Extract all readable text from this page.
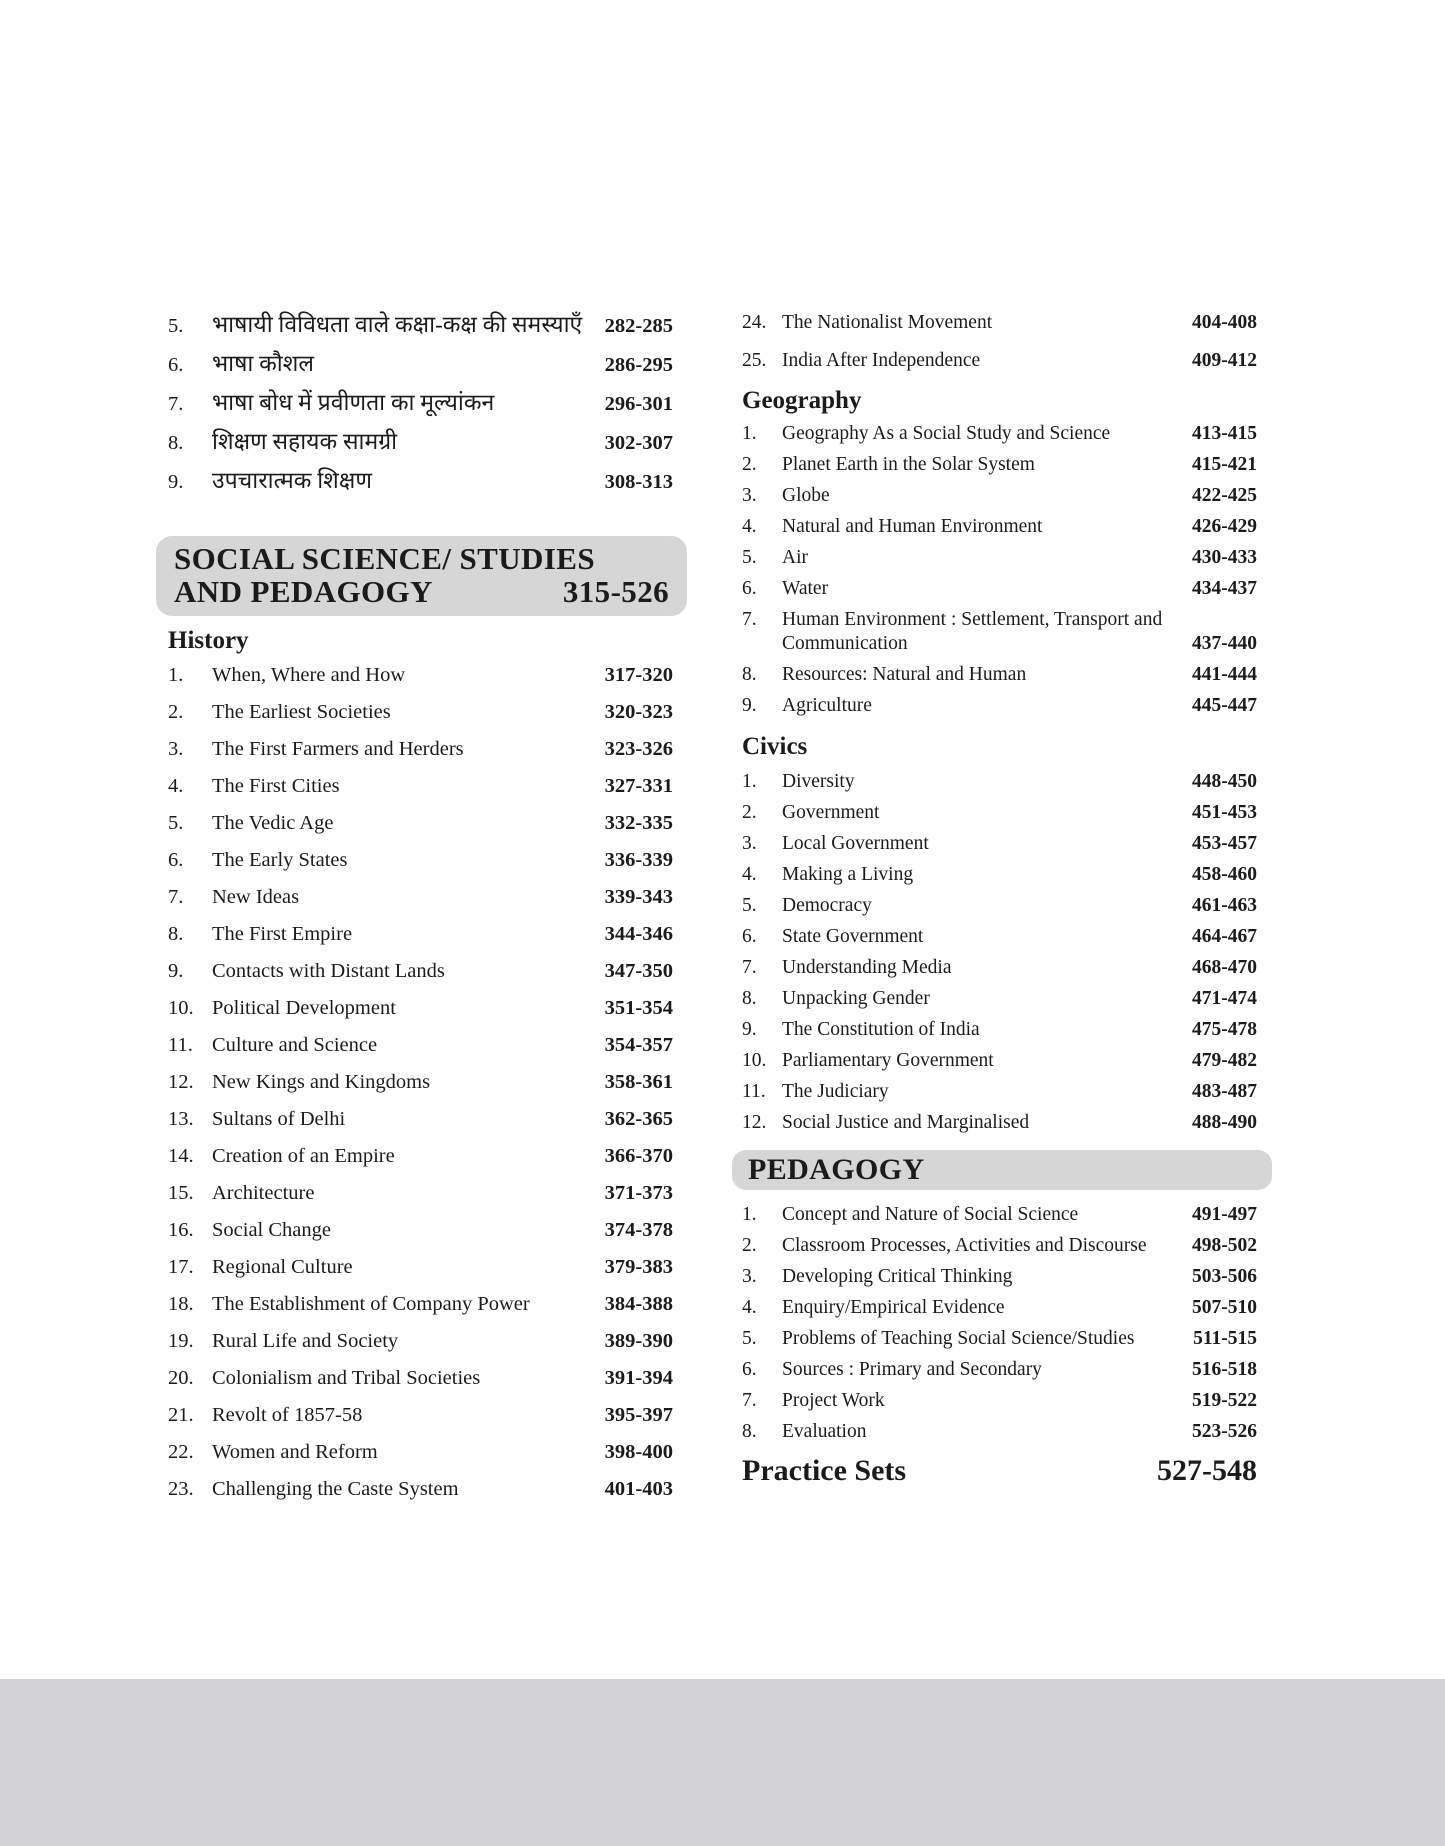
5.	भाषायी विविधता वाले कक्षा-कक्ष की समस्याएँ	282-285
6.	भाषा कौशल	286-295
7.	भाषा बोध में प्रवीणता का मूल्यांकन	296-301
8.	शिक्षण सहायक सामग्री	302-307
9.	उपचारात्मक शिक्षण	308-313
SOCIAL SCIENCE/ STUDIES
AND PEDAGOGY	315-526
History
1.	When, Where and How	317-320
2.	The Earliest Societies	320-323
3.	The First Farmers and Herders	323-326
4.	The First Cities	327-331
5.	The Vedic Age	332-335
6.	The Early States	336-339
7.	New Ideas	339-343
8.	The First Empire	344-346
9.	Contacts with Distant Lands	347-350
10. Political Development	351-354
11. Culture and Science	354-357
12. New Kings and Kingdoms	358-361
13. Sultans of Delhi	362-365
14. Creation of an Empire	366-370
15. Architecture	371-373
16. Social Change	374-378
17. Regional Culture	379-383
18. The Establishment of Company Power	384-388
19. Rural Life and Society	389-390
20. Colonialism and Tribal Societies	391-394
21. Revolt of 1857-58	395-397
22. Women and Reform	398-400
23. Challenging the Caste System	401-403
24. The Nationalist Movement	404-408
25. India After Independence	409-412
Geography
1.	Geography As a Social Study and Science	413-415
2.	Planet Earth in the Solar System	415-421
3.	Globe	422-425
4.	Natural and Human Environment	426-429
5.	Air	430-433
6.	Water	434-437
7.	Human Environment : Settlement, Transport and Communication	437-440
8.	Resources: Natural and Human	441-444
9.	Agriculture	445-447
Civics
1.	Diversity	448-450
2.	Government	451-453
3.	Local Government	453-457
4.	Making a Living	458-460
5.	Democracy	461-463
6.	State Government	464-467
7.	Understanding Media	468-470
8.	Unpacking Gender	471-474
9.	The Constitution of India	475-478
10. Parliamentary Government	479-482
11. The Judiciary	483-487
12. Social Justice and Marginalised	488-490
PEDAGOGY
1.	Concept and Nature of Social Science	491-497
2.	Classroom Processes, Activities and Discourse	498-502
3.	Developing Critical Thinking	503-506
4.	Enquiry/Empirical Evidence	507-510
5.	Problems of Teaching Social Science/Studies	511-515
6.	Sources : Primary and Secondary	516-518
7.	Project Work	519-522
8.	Evaluation	523-526
Practice Sets	527-548
